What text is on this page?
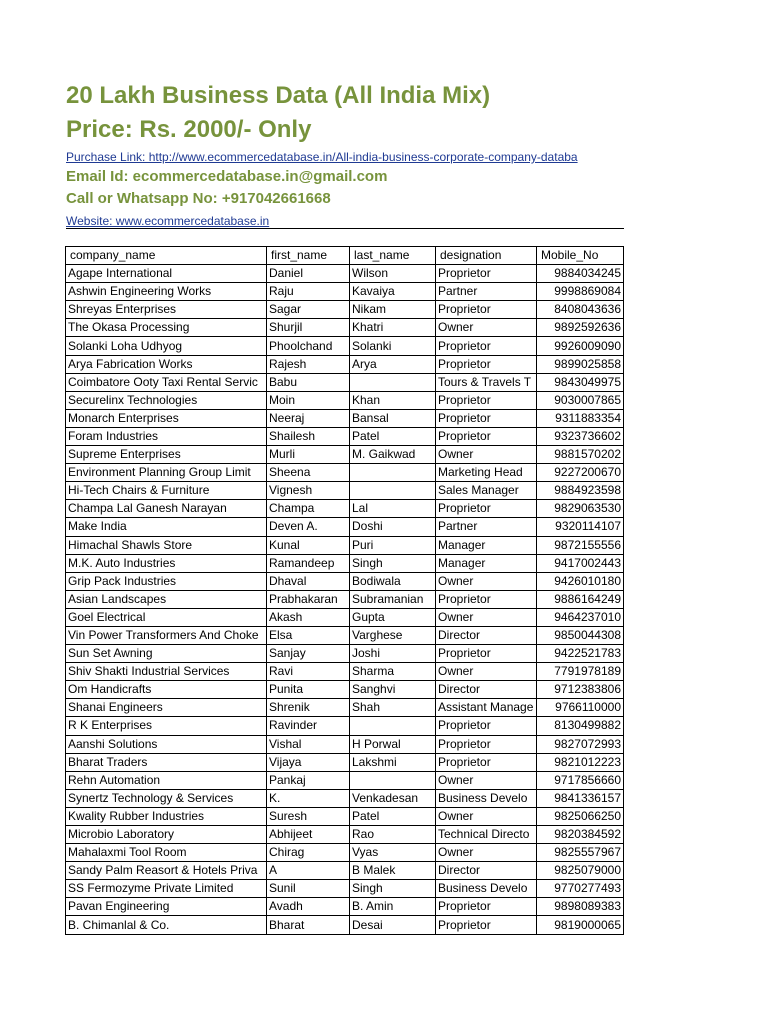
20 Lakh Business Data (All India Mix)
Price: Rs. 2000/- Only
Purchase Link: http://www.ecommercedatabase.in/All-india-business-corporate-company-databa
Email Id: ecommercedatabase.in@gmail.com
Call or Whatsapp No: +917042661668
Website: www.ecommercedatabase.in
company_name	first_name	last_name	designation	Mobile_No
Agape International	Daniel	Wilson	Proprietor	9884034245
Ashwin Engineering Works	Raju	Kavaiya	Partner	9998869084
Shreyas Enterprises	Sagar	Nikam	Proprietor	8408043636
The Okasa Processing	Shurjil	Khatri	Owner	9892592636
Solanki Loha Udhyog	Phoolchand	Solanki	Proprietor	9926009090
Arya Fabrication Works	Rajesh	Arya	Proprietor	9899025858
Coimbatore Ooty Taxi Rental Servic	Babu		Tours & Travels T	9843049975
Securelinx Technologies	Moin	Khan	Proprietor	9030007865
Monarch Enterprises	Neeraj	Bansal	Proprietor	9311883354
Foram Industries	Shailesh	Patel	Proprietor	9323736602
Supreme Enterprises	Murli	M. Gaikwad	Owner	9881570202
Environment Planning Group Limit	Sheena		Marketing Head	9227200670
Hi-Tech Chairs & Furniture	Vignesh		Sales Manager	9884923598
Champa Lal Ganesh Narayan	Champa	Lal	Proprietor	9829063530
Make India	Deven A.	Doshi	Partner	9320114107
Himachal Shawls Store	Kunal	Puri	Manager	9872155556
M.K. Auto Industries	Ramandeep	Singh	Manager	9417002443
Grip Pack Industries	Dhaval	Bodiwala	Owner	9426010180
Asian Landscapes	Prabhakaran	Subramanian	Proprietor	9886164249
Goel Electrical	Akash	Gupta	Owner	9464237010
Vin Power Transformers And Choke	Elsa	Varghese	Director	9850044308
Sun Set Awning	Sanjay	Joshi	Proprietor	9422521783
Shiv Shakti Industrial Services	Ravi	Sharma	Owner	7791978189
Om Handicrafts	Punita	Sanghvi	Director	9712383806
Shanai Engineers	Shrenik	Shah	Assistant Manage	9766110000
R K Enterprises	Ravinder		Proprietor	8130499882
Aanshi Solutions	Vishal	H Porwal	Proprietor	9827072993
Bharat Traders	Vijaya	Lakshmi	Proprietor	9821012223
Rehn Automation	Pankaj		Owner	9717856660
Synertz Technology & Services	K.	Venkadesan	Business Develo	9841336157
Kwality Rubber Industries	Suresh	Patel	Owner	9825066250
Microbio Laboratory	Abhijeet	Rao	Technical Directo	9820384592
Mahalaxmi Tool Room	Chirag	Vyas	Owner	9825557967
Sandy Palm Reasort & Hotels Priva	A	B Malek	Director	9825079000
SS Fermozyme Private Limited	Sunil	Singh	Business Develo	9770277493
Pavan Engineering	Avadh	B. Amin	Proprietor	9898089383
B. Chimanlal & Co.	Bharat	Desai	Proprietor	9819000065
